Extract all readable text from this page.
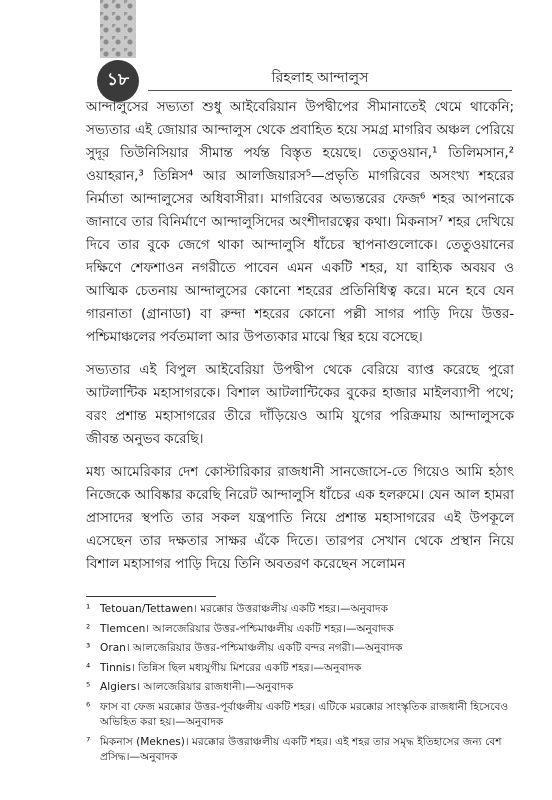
১৮	রিহলাহ আন্দালুস

আন্দালুসের সভ্যতা শুধু আইবেরিয়ান উপদ্বীপের সীমানাতেই থেমে থাকেনি; সভ্যতার এই জোয়ার আন্দালুস থেকে প্রবাহিত হয়ে সমগ্র মাগরিব অঞ্চল পেরিয়ে সুদূর তিউনিসিয়ার সীমান্ত পর্যন্ত বিস্তৃত হয়েছে। তেতুওয়ান,¹ তিলিমসান,² ওয়াহরান,³ তিন্নিস⁴ আর আলজিয়ারস⁵—প্রভৃতি মাগরিবের অসংখ্য শহরের নির্মাতা আন্দালুসের অধিবাসীরা। মাগরিবের অভ্যন্তরের ফেজ⁶ শহর আপনাকে জানাবে তার বিনির্মাণে আন্দালুসিদের অংশীদারত্বের কথা। মিকনাস⁷ শহর দেখিয়ে দিবে তার বুকে জেগে থাকা আন্দালুসি ধাঁচের স্থাপনাগুলোকে। তেতুওয়ানের দক্ষিণে শেফশাওন নগরীতে পাবেন এমন একটি শহর, যা বাহ্যিক অবয়ব ও আত্মিক চেতনায় আন্দালুসের কোনো শহরের প্রতিনিধিত্ব করে। মনে হবে যেন গারনাতা (গ্রানাডা) বা রুন্দা শহরের কোনো পল্লী সাগর পাড়ি দিয়ে উত্তর-পশ্চিমাঞ্চলের পর্বতমালা আর উপত্যকার মাঝে স্থির হয়ে বসেছে।

সভ্যতার এই বিপুল আইবেরিয়া উপদ্বীপ থেকে বেরিয়ে ব্যাপ্ত করেছে পুরো আটলান্টিক মহাসাগরকে। বিশাল আটলান্টিকের বুকের হাজার মাইলব্যাপী পথে; বরং প্রশান্ত মহাসাগরের তীরে দাঁড়িয়েও আমি যুগের পরিক্রমায় আন্দালুসকে জীবন্ত অনুভব করেছি।

মধ্য আমেরিকার দেশ কোস্টারিকার রাজধানী সানজোসে-তে গিয়েও আমি হঠাৎ নিজেকে আবিষ্কার করেছি নিরেট আন্দালুসি ধাঁচের এক হলরুমে। যেন আল হামরা প্রাসাদের স্থপতি তার সকল যন্ত্রপাতি নিয়ে প্রশান্ত মহাসাগরের এই উপকূলে এসেছেন তার দক্ষতার সাক্ষর এঁকে দিতে। তারপর সেখান থেকে প্রস্থান নিয়ে বিশাল মহাসাগর পাড়ি দিয়ে তিনি অবতরণ করেছেন সলোমন

¹ Tetouan/Tettawen। মরক্কোর উত্তরাঞ্চলীয় একটি শহর।—অনুবাদক
² Tlemcen। আলজেরিয়ার উত্তর-পশ্চিমাঞ্চলীয় একটি শহর।—অনুবাদক
³ Oran। আলজেরিয়ার উত্তর-পশ্চিমাঞ্চলীয় একটি বন্দর নগরী।—অনুবাদক
⁴ Tinnis। তিন্নিস ছিল মধ্যযুগীয় মিশরের একটি শহর।—অনুবাদক
⁵ Algiers। আলজেরিয়ার রাজধানী।—অনুবাদক
⁶ ফাস বা ফেজ মরক্কোর উত্তর-পূর্বাঞ্চলীয় একটি শহর। এটিকে মরক্কোর সাংস্কৃতিক রাজধানী হিসেবেও অভিহিত করা হয়।—অনুবাদক
⁷ মিকনাস (Meknes)। মরক্কোর উত্তরাঞ্চলীয় একটি শহর। এই শহর তার সমৃদ্ধ ইতিহাসের জন্য বেশ প্রসিদ্ধ।—অনুবাদক
